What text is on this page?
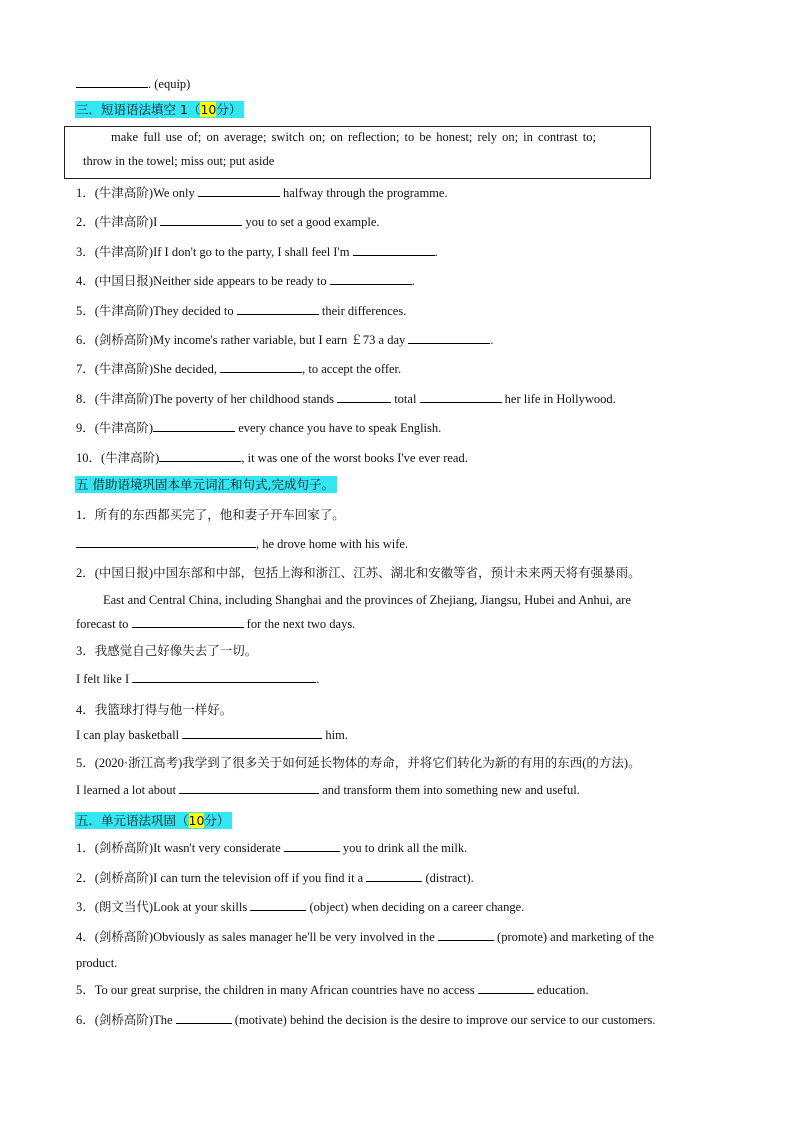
. (equip)
三．短语语法填空 1（10分）
make full use of; on average; switch on; on reflection; to be honest; rely on; in contrast to;
throw in the towel; miss out; put aside
1．(牛津高阶)We only	halfway through the programme.
2．(牛津高阶)I	you to set a good example.
3．(牛津高阶)If I don't go to the party, I shall feel I'm	.
4．(中国日报)Neither side appears to be ready to	.
5．(牛津高阶)They decided to	their differences.
6．(剑桥高阶)My income's rather variable, but I earn ￡73 a day	.
7．(牛津高阶)She decided,	, to accept the offer.
8．(牛津高阶)The poverty of her childhood stands	total	her life in Hollywood.
9．(牛津高阶)	every chance you have to speak English.
10．(牛津高阶)	, it was one of the worst books I've ever read.
五 借助语境巩固本单元词汇和句式,完成句子。
1．所有的东西都买完了，他和妻子开车回家了。
, he drove home with his wife.
2．(中国日报)中国东部和中部，包括上海和浙江、江苏、湖北和安徽等省，预计未来两天将有强暴雨。
East and Central China, including Shanghai and the provinces of Zhejiang, Jiangsu, Hubei and Anhui, are
forecast to	for the next two days.
3．我感觉自己好像失去了一切。
I felt like I	.
4．我篮球打得与他一样好。
I can play basketball	him.
5．(2020·浙江高考)我学到了很多关于如何延长物体的寿命，并将它们转化为新的有用的东西(的方法)。
I learned a lot about	and transform them into something new and useful.
五．单元语法巩固（10分）
1．(剑桥高阶)It wasn't very considerate	you to drink all the milk.
2．(剑桥高阶)I can turn the television off if you find it a	(distract).
3．(朗文当代)Look at your skills	(object) when deciding on a career change.
4．(剑桥高阶)Obviously as sales manager he'll be very involved in the	(promote) and marketing of the
product.
5．To our great surprise, the children in many African countries have no access	education.
6．(剑桥高阶)The	(motivate) behind the decision is the desire to improve our service to our customers.
